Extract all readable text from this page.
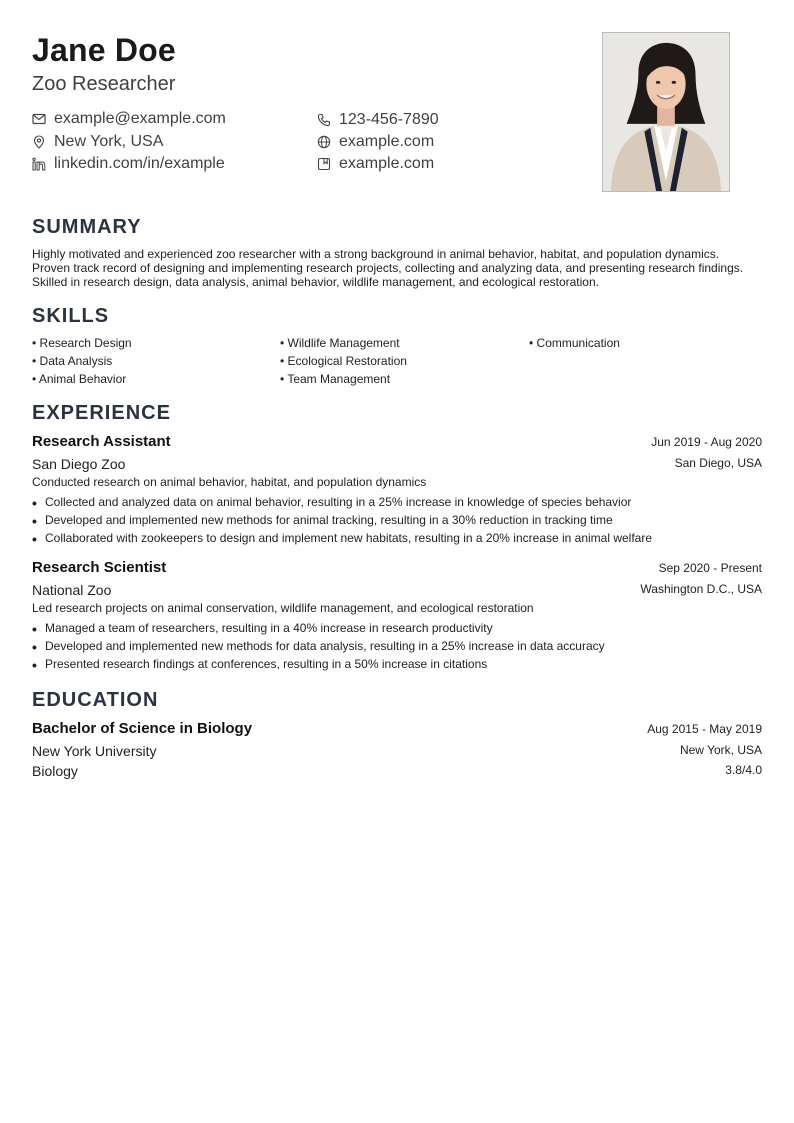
Jane Doe
Zoo Researcher
example@example.com	123-456-7890
New York, USA	example.com
linkedin.com/in/example	example.com
SUMMARY
Highly motivated and experienced zoo researcher with a strong background in animal behavior, habitat, and population dynamics.
Proven track record of designing and implementing research projects, collecting and analyzing data, and presenting research findings.
Skilled in research design, data analysis, animal behavior, wildlife management, and ecological restoration.
SKILLS
• Research Design	• Wildlife Management	• Communication
• Data Analysis	• Ecological Restoration
• Animal Behavior	• Team Management
EXPERIENCE
Research Assistant	Jun 2019 - Aug 2020
San Diego Zoo	San Diego, USA
Conducted research on animal behavior, habitat, and population dynamics
• Collected and analyzed data on animal behavior, resulting in a 25% increase in knowledge of species behavior
• Developed and implemented new methods for animal tracking, resulting in a 30% reduction in tracking time
• Collaborated with zookeepers to design and implement new habitats, resulting in a 20% increase in animal welfare
Research Scientist	Sep 2020 - Present
National Zoo	Washington D.C., USA
Led research projects on animal conservation, wildlife management, and ecological restoration
• Managed a team of researchers, resulting in a 40% increase in research productivity
• Developed and implemented new methods for data analysis, resulting in a 25% increase in data accuracy
• Presented research findings at conferences, resulting in a 50% increase in citations
EDUCATION
Bachelor of Science in Biology	Aug 2015 - May 2019
New York University	New York, USA
Biology	3.8/4.0
